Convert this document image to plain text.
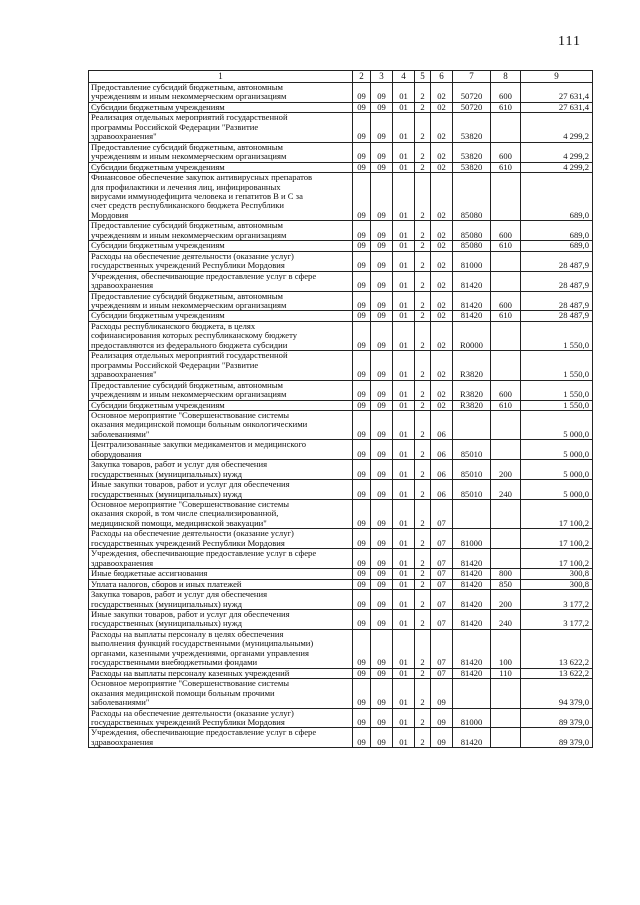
111
1	2	3	4	5	6	7	8	9

Предоставление субсидий бюджетным, автономным
учреждениям и иным некоммерческим организациям	09	09	01	2	02	50720	600	27 631,4

Субсидии бюджетным учреждениям	09	09	01	2	02	50720	610	27 631,4

Реализация отдельных мероприятий государственной
программы Российской Федерации "Развитие
здравоохранения"	09	09	01	2	02	53820		4 299,2

Предоставление субсидий бюджетным, автономным
учреждениям и иным некоммерческим организациям	09	09	01	2	02	53820	600	4 299,2

Субсидии бюджетным учреждениям	09	09	01	2	02	53820	610	4 299,2

Финансовое обеспечение закупок антивирусных препаратов
для профилактики и лечения лиц, инфицированных
вирусами иммунодефицита человека и гепатитов B и C за
счет средств республиканского бюджета Республики
Мордовия	09	09	01	2	02	85080		689,0

Предоставление субсидий бюджетным, автономным
учреждениям и иным некоммерческим организациям	09	09	01	2	02	85080	600	689,0

Субсидии бюджетным учреждениям	09	09	01	2	02	85080	610	689,0

Расходы на обеспечение деятельности (оказание услуг)
государственных учреждений Республики Мордовия	09	09	01	2	02	81000		28 487,9

Учреждения, обеспечивающие предоставление услуг в сфере
здравоохранения	09	09	01	2	02	81420		28 487,9

Предоставление субсидий бюджетным, автономным
учреждениям и иным некоммерческим организациям	09	09	01	2	02	81420	600	28 487,9

Субсидии бюджетным учреждениям	09	09	01	2	02	81420	610	28 487,9

Расходы республиканского бюджета, в целях
софинансирования которых республиканскому бюджету
предоставляются из федерального бюджета субсидии	09	09	01	2	02	R0000		1 550,0

Реализация отдельных мероприятий государственной
программы Российской Федерации "Развитие
здравоохранения"	09	09	01	2	02	R3820		1 550,0

Предоставление субсидий бюджетным, автономным
учреждениям и иным некоммерческим организациям	09	09	01	2	02	R3820	600	1 550,0

Субсидии бюджетным учреждениям	09	09	01	2	02	R3820	610	1 550,0

Основное мероприятие "Совершенствование системы
оказания медицинской помощи больным онкологическими
заболеваниями"	09	09	01	2	06			5 000,0

Централизованные закупки медикаментов и медицинского
оборудования	09	09	01	2	06	85010		5 000,0

Закупка товаров, работ и услуг для обеспечения
государственных (муниципальных) нужд	09	09	01	2	06	85010	200	5 000,0

Иные закупки товаров, работ и услуг для обеспечения
государственных (муниципальных) нужд	09	09	01	2	06	85010	240	5 000,0

Основное мероприятие "Совершенствование системы
оказания скорой, в том числе специализированной,
медицинской помощи, медицинской эвакуации"	09	09	01	2	07			17 100,2

Расходы на обеспечение деятельности (оказание услуг)
государственных учреждений Республики Мордовия	09	09	01	2	07	81000		17 100,2

Учреждения, обеспечивающие предоставление услуг в сфере
здравоохранения	09	09	01	2	07	81420		17 100,2

Иные бюджетные ассигнования	09	09	01	2	07	81420	800	300,8

Уплата налогов, сборов и иных платежей	09	09	01	2	07	81420	850	300,8

Закупка товаров, работ и услуг для обеспечения
государственных (муниципальных) нужд	09	09	01	2	07	81420	200	3 177,2

Иные закупки товаров, работ и услуг для обеспечения
государственных (муниципальных) нужд	09	09	01	2	07	81420	240	3 177,2

Расходы на выплаты персоналу в целях обеспечения
выполнения функций государственными (муниципальными)
органами, казенными учреждениями, органами управления
государственными внебюджетными фондами	09	09	01	2	07	81420	100	13 622,2

Расходы на выплаты персоналу казенных учреждений	09	09	01	2	07	81420	110	13 622,2

Основное мероприятие "Совершенствование системы
оказания медицинской помощи больным прочими
заболеваниями"	09	09	01	2	09			94 379,0

Расходы на обеспечение деятельности (оказание услуг)
государственных учреждений Республики Мордовия	09	09	01	2	09	81000		89 379,0

Учреждения, обеспечивающие предоставление услуг в сфере
здравоохранения	09	09	01	2	09	81420		89 379,0
